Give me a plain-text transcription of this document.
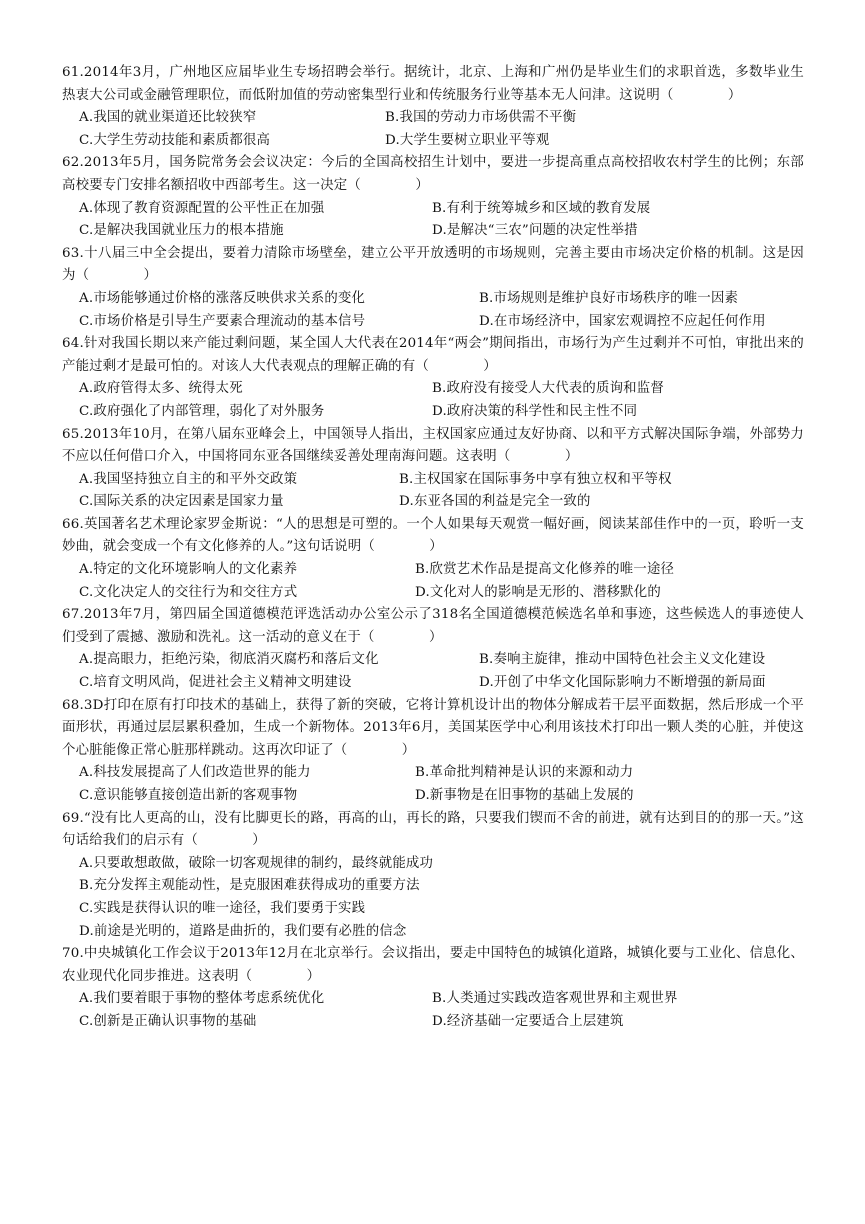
61.2014年3月，广州地区应届毕业生专场招聘会举行。据统计，北京、上海和广州仍是毕业生们的求职首选，多数毕业生热衷大公司或金融管理职位，而低附加值的劳动密集型行业和传统服务行业等基本无人问津。这说明（　　　　）

A.我国的就业渠道还比较狭窄	B.我国的劳动力市场供需不平衡
C.大学生劳动技能和素质都很高	D.大学生要树立职业平等观

62.2013年5月，国务院常务会会议决定：今后的全国高校招生计划中，要进一步提高重点高校招收农村学生的比例；东部高校要专门安排名额招收中西部考生。这一决定（　　　　）

A.体现了教育资源配置的公平性正在加强	B.有利于统筹城乡和区域的教育发展
C.是解决我国就业压力的根本措施	D.是解决“三农”问题的决定性举措

63.十八届三中全会提出，要着力清除市场壁垒，建立公平开放透明的市场规则，完善主要由市场决定价格的机制。这是因为（　　　　）

A.市场能够通过价格的涨落反映供求关系的变化	B.市场规则是维护良好市场秩序的唯一因素
C.市场价格是引导生产要素合理流动的基本信号	D.在市场经济中，国家宏观调控不应起任何作用

64.针对我国长期以来产能过剩问题，某全国人大代表在2014年“两会”期间指出，市场行为产生过剩并不可怕，审批出来的产能过剩才是最可怕的。对该人大代表观点的理解正确的有（　　　　）

A.政府管得太多、统得太死	B.政府没有接受人大代表的质询和监督
C.政府强化了内部管理，弱化了对外服务	D.政府决策的科学性和民主性不同

65.2013年10月，在第八届东亚峰会上，中国领导人指出，主权国家应通过友好协商、以和平方式解决国际争端，外部势力不应以任何借口介入，中国将同东亚各国继续妥善处理南海问题。这表明（　　　　）

A.我国坚持独立自主的和平外交政策	B.主权国家在国际事务中享有独立权和平等权
C.国际关系的决定因素是国家力量	D.东亚各国的利益是完全一致的

66.英国著名艺术理论家罗金斯说：“人的思想是可塑的。一个人如果每天观赏一幅好画，阅读某部佳作中的一页，聆听一支妙曲，就会变成一个有文化修养的人。”这句话说明（　　　　）

A.特定的文化环境影响人的文化素养	B.欣赏艺术作品是提高文化修养的唯一途径
C.文化决定人的交往行为和交往方式	D.文化对人的影响是无形的、潜移默化的

67.2013年7月，第四届全国道德模范评选活动办公室公示了318名全国道德模范候选名单和事迹，这些候选人的事迹使人们受到了震撼、激励和洗礼。这一活动的意义在于（　　　　）

A.提高眼力，拒绝污染，彻底消灭腐朽和落后文化	B.奏响主旋律，推动中国特色社会主义文化建设
C.培育文明风尚，促进社会主义精神文明建设	D.开创了中华文化国际影响力不断增强的新局面

68.3D打印在原有打印技术的基础上，获得了新的突破，它将计算机设计出的物体分解成若干层平面数据，然后形成一个平面形状，再通过层层累积叠加，生成一个新物体。2013年6月，美国某医学中心利用该技术打印出一颗人类的心脏，并使这个心脏能像正常心脏那样跳动。这再次印证了（　　　　）

A.科技发展提高了人们改造世界的能力	B.革命批判精神是认识的来源和动力
C.意识能够直接创造出新的客观事物	D.新事物是在旧事物的基础上发展的

69.“没有比人更高的山，没有比脚更长的路，再高的山，再长的路，只要我们锲而不舍的前进，就有达到目的的那一天。”这句话给我们的启示有（　　　　）

A.只要敢想敢做，破除一切客观规律的制约，最终就能成功

B.充分发挥主观能动性，是克服困难获得成功的重要方法

C.实践是获得认识的唯一途径，我们要勇于实践

D.前途是光明的，道路是曲折的，我们要有必胜的信念

70.中央城镇化工作会议于2013年12月在北京举行。会议指出，要走中国特色的城镇化道路，城镇化要与工业化、信息化、农业现代化同步推进。这表明（　　　　）

A.我们要着眼于事物的整体考虑系统优化	B.人类通过实践改造客观世界和主观世界
C.创新是正确认识事物的基础	D.经济基础一定要适合上层建筑
